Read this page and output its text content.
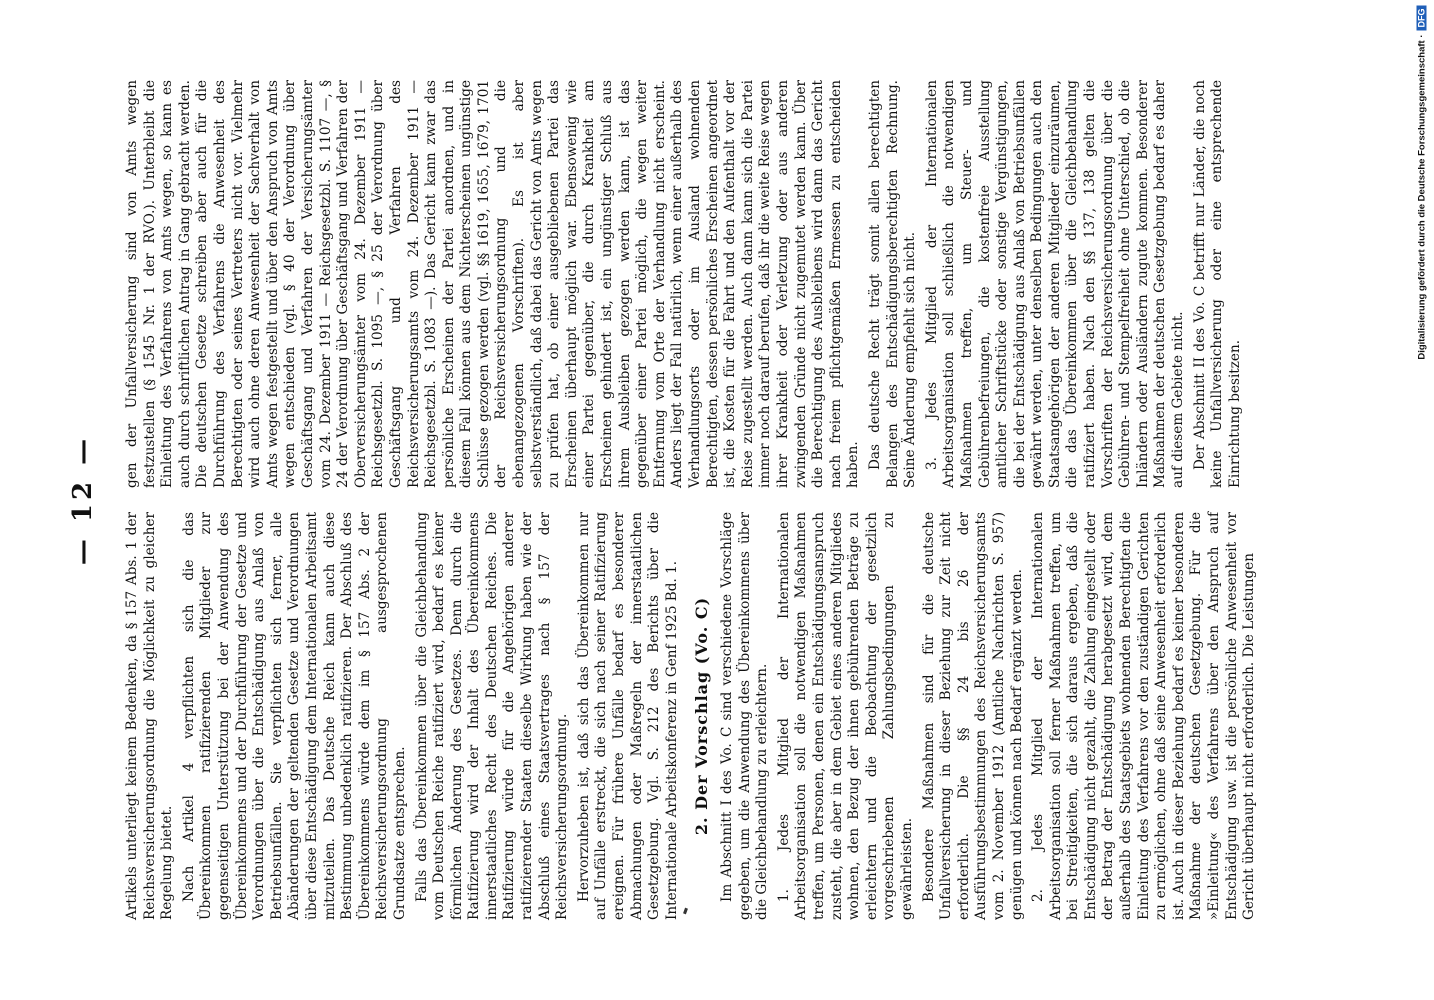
— 12 —

Artikels unterliegt keinem Bedenken, da § 157 Abs. 1 der Reichsversicherungsordnung die Möglichkeit zu gleicher Regelung bietet. Nach Artikel 4 verpflichten sich die das Übereinkommen ratifizierenden Mitglieder zur gegenseitigen Unterstützung bei der Anwendung des Übereinkommens und der Durchführung der Gesetze und Verordnungen über die Entschädigung aus Anlaß von Betriebsunfällen. Sie verpflichten sich ferner, alle Abänderungen der geltenden Gesetze und Verordnungen über diese Entschädigung dem Internationalen Arbeitsamt mitzuteilen. Das Deutsche Reich kann auch diese Bestimmung unbedenklich ratifizieren. Der Abschluß des Übereinkommens würde dem im § 157 Abs. 2 der Reichsversicherungsordnung ausgesprochenen Grundsatze entsprechen. Falls das Übereinkommen über die Gleichbehandlung vom Deutschen Reiche ratifiziert wird, bedarf es keiner förmlichen Änderung des Gesetzes. Denn durch die Ratifizierung wird der Inhalt des Übereinkommens innerstaatliches Recht des Deutschen Reiches. Die Ratifizierung würde für die Angehörigen anderer ratifizierender Staaten dieselbe Wirkung haben wie der Abschluß eines Staatsvertrages nach § 157 der Reichsversicherungsordnung. Hervorzuheben ist, daß sich das Übereinkommen nur auf Unfälle erstreckt, die sich nach seiner Ratifizierung ereignen. Für frühere Unfälle bedarf es besonderer Abmachungen oder Maßregeln der innerstaatlichen Gesetzgebung. Vgl. S. 212 des Berichts über die Internationale Arbeitskonferenz in Genf 1925 Bd. 1. 2. Der Vorschlag (Vo. C) Im Abschnitt I des Vo. C sind verschiedene Vorschläge gegeben, um die Anwendung des Übereinkommens über die Gleichbehandlung zu erleichtern. 1. Jedes Mitglied der Internationalen Arbeitsorganisation soll die notwendigen Maßnahmen treffen, um Personen, denen ein Entschädigungsanspruch zusteht, die aber in dem Gebiet eines anderen Mitgliedes wohnen, den Bezug der ihnen gebührenden Beträge zu erleichtern und die Beobachtung der gesetzlich vorgeschriebenen Zahlungsbedingungen zu gewährleisten. Besondere Maßnahmen sind für die deutsche Unfallversicherung in dieser Beziehung zur Zeit nicht erforderlich. Die §§ 24 bis 26 der Ausführungsbestimmungen des Reichsversicherungsamts vom 2. November 1912 (Amtliche Nachrichten S. 957) genügen und können nach Bedarf ergänzt werden. 2. Jedes Mitglied der Internationalen Arbeitsorganisation soll ferner Maßnahmen treffen, um bei Streitigkeiten, die sich daraus ergeben, daß die Entschädigung nicht gezahlt, die Zahlung eingestellt oder der Betrag der Entschädigung herabgesetzt wird, dem außerhalb des Staatsgebiets wohnenden Berechtigten die Einleitung des Verfahrens vor den zuständigen Gerichten zu ermöglichen, ohne daß seine Anwesenheit erforderlich ist. Auch in dieser Beziehung bedarf es keiner besonderen Maßnahme der deutschen Gesetzgebung. Für die »Einleitung« des Verfahrens über den Anspruch auf Entschädigung usw. ist die persönliche Anwesenheit vor Gericht überhaupt nicht erforderlich. Die Leistungen

gen der Unfallversicherung sind von Amts wegen festzustellen (§ 1545 Nr. 1 der RVO.). Unterbleibt die Einleitung des Verfahrens von Amts wegen, so kann es auch durch schriftlichen Antrag in Gang gebracht werden. Die deutschen Gesetze schreiben aber auch für die Durchführung des Verfahrens die Anwesenheit des Berechtigten oder seines Vertreters nicht vor. Vielmehr wird auch ohne deren Anwesenheit der Sachverhalt von Amts wegen festgestellt und über den Anspruch von Amts wegen entschieden (vgl. § 40 der Verordnung über Geschäftsgang und Verfahren der Versicherungsämter vom 24. Dezember 1911 — Reichsgesetzbl. S. 1107 —, § 24 der Verordnung über Geschäftsgang und Verfahren der Oberversicherungsämter vom 24. Dezember 1911 — Reichsgesetzbl. S. 1095 —, § 25 der Verordnung über Geschäftsgang und Verfahren des Reichsversicherungsamts vom 24. Dezember 1911 — Reichsgesetzbl. S. 1083 —). Das Gericht kann zwar das persönliche Erscheinen der Partei anordnen, und in diesem Fall können aus dem Nichterscheinen ungünstige Schlüsse gezogen werden (vgl. §§ 1619, 1655, 1679, 1701 der Reichsversicherungsordnung und die ebenangezogenen Vorschriften). Es ist aber selbstverständlich, daß dabei das Gericht von Amts wegen zu prüfen hat, ob einer ausgebliebenen Partei das Erscheinen überhaupt möglich war. Ebensowenig wie einer Partei gegenüber, die durch Krankheit am Erscheinen gehindert ist, ein ungünstiger Schluß aus ihrem Ausbleiben gezogen werden kann, ist das gegenüber einer Partei möglich, die wegen weiter Entfernung vom Orte der Verhandlung nicht erscheint. Anders liegt der Fall natürlich, wenn einer außerhalb des Verhandlungsorts oder im Ausland wohnenden Berechtigten, dessen persönliches Erscheinen angeordnet ist, die Kosten für die Fahrt und den Aufenthalt vor der Reise zugestellt werden. Auch dann kann sich die Partei immer noch darauf berufen, daß ihr die weite Reise wegen ihrer Krankheit oder Verletzung oder aus anderen zwingenden Gründe nicht zugemutet werden kann. Über die Berechtigung des Ausbleibens wird dann das Gericht nach freiem pflichtgemäßen Ermessen zu entscheiden haben. Das deutsche Recht trägt somit allen berechtigten Belangen des Entschädigungsberechtigten Rechnung. Seine Änderung empfiehlt sich nicht. 3. Jedes Mitglied der Internationalen Arbeitsorganisation soll schließlich die notwendigen Maßnahmen treffen, um Steuer- und Gebührenbefreiungen, die kostenfreie Ausstellung amtlicher Schriftstücke oder sonstige Vergünstigungen, die bei der Entschädigung aus Anlaß von Betriebsunfällen gewährt werden, unter denselben Bedingungen auch den Staatsangehörigen der anderen Mitglieder einzuräumen, die das Übereinkommen über die Gleichbehandlung ratifiziert haben. Nach den §§ 137, 138 gelten die Vorschriften der Reichsversicherungsordnung über die Gebühren- und Stempelfreiheit ohne Unterschied, ob die Inländern oder Ausländern zugute kommen. Besonderer Maßnahmen der deutschen Gesetzgebung bedarf es daher auf diesem Gebiete nicht. Der Abschnitt II des Vo. C betrifft nur Länder, die noch keine Unfallversicherung oder eine entsprechende Einrichtung besitzen.

Digitalisierung gefördert durch die Deutsche Forschungsgemeinschaft ·DFG
